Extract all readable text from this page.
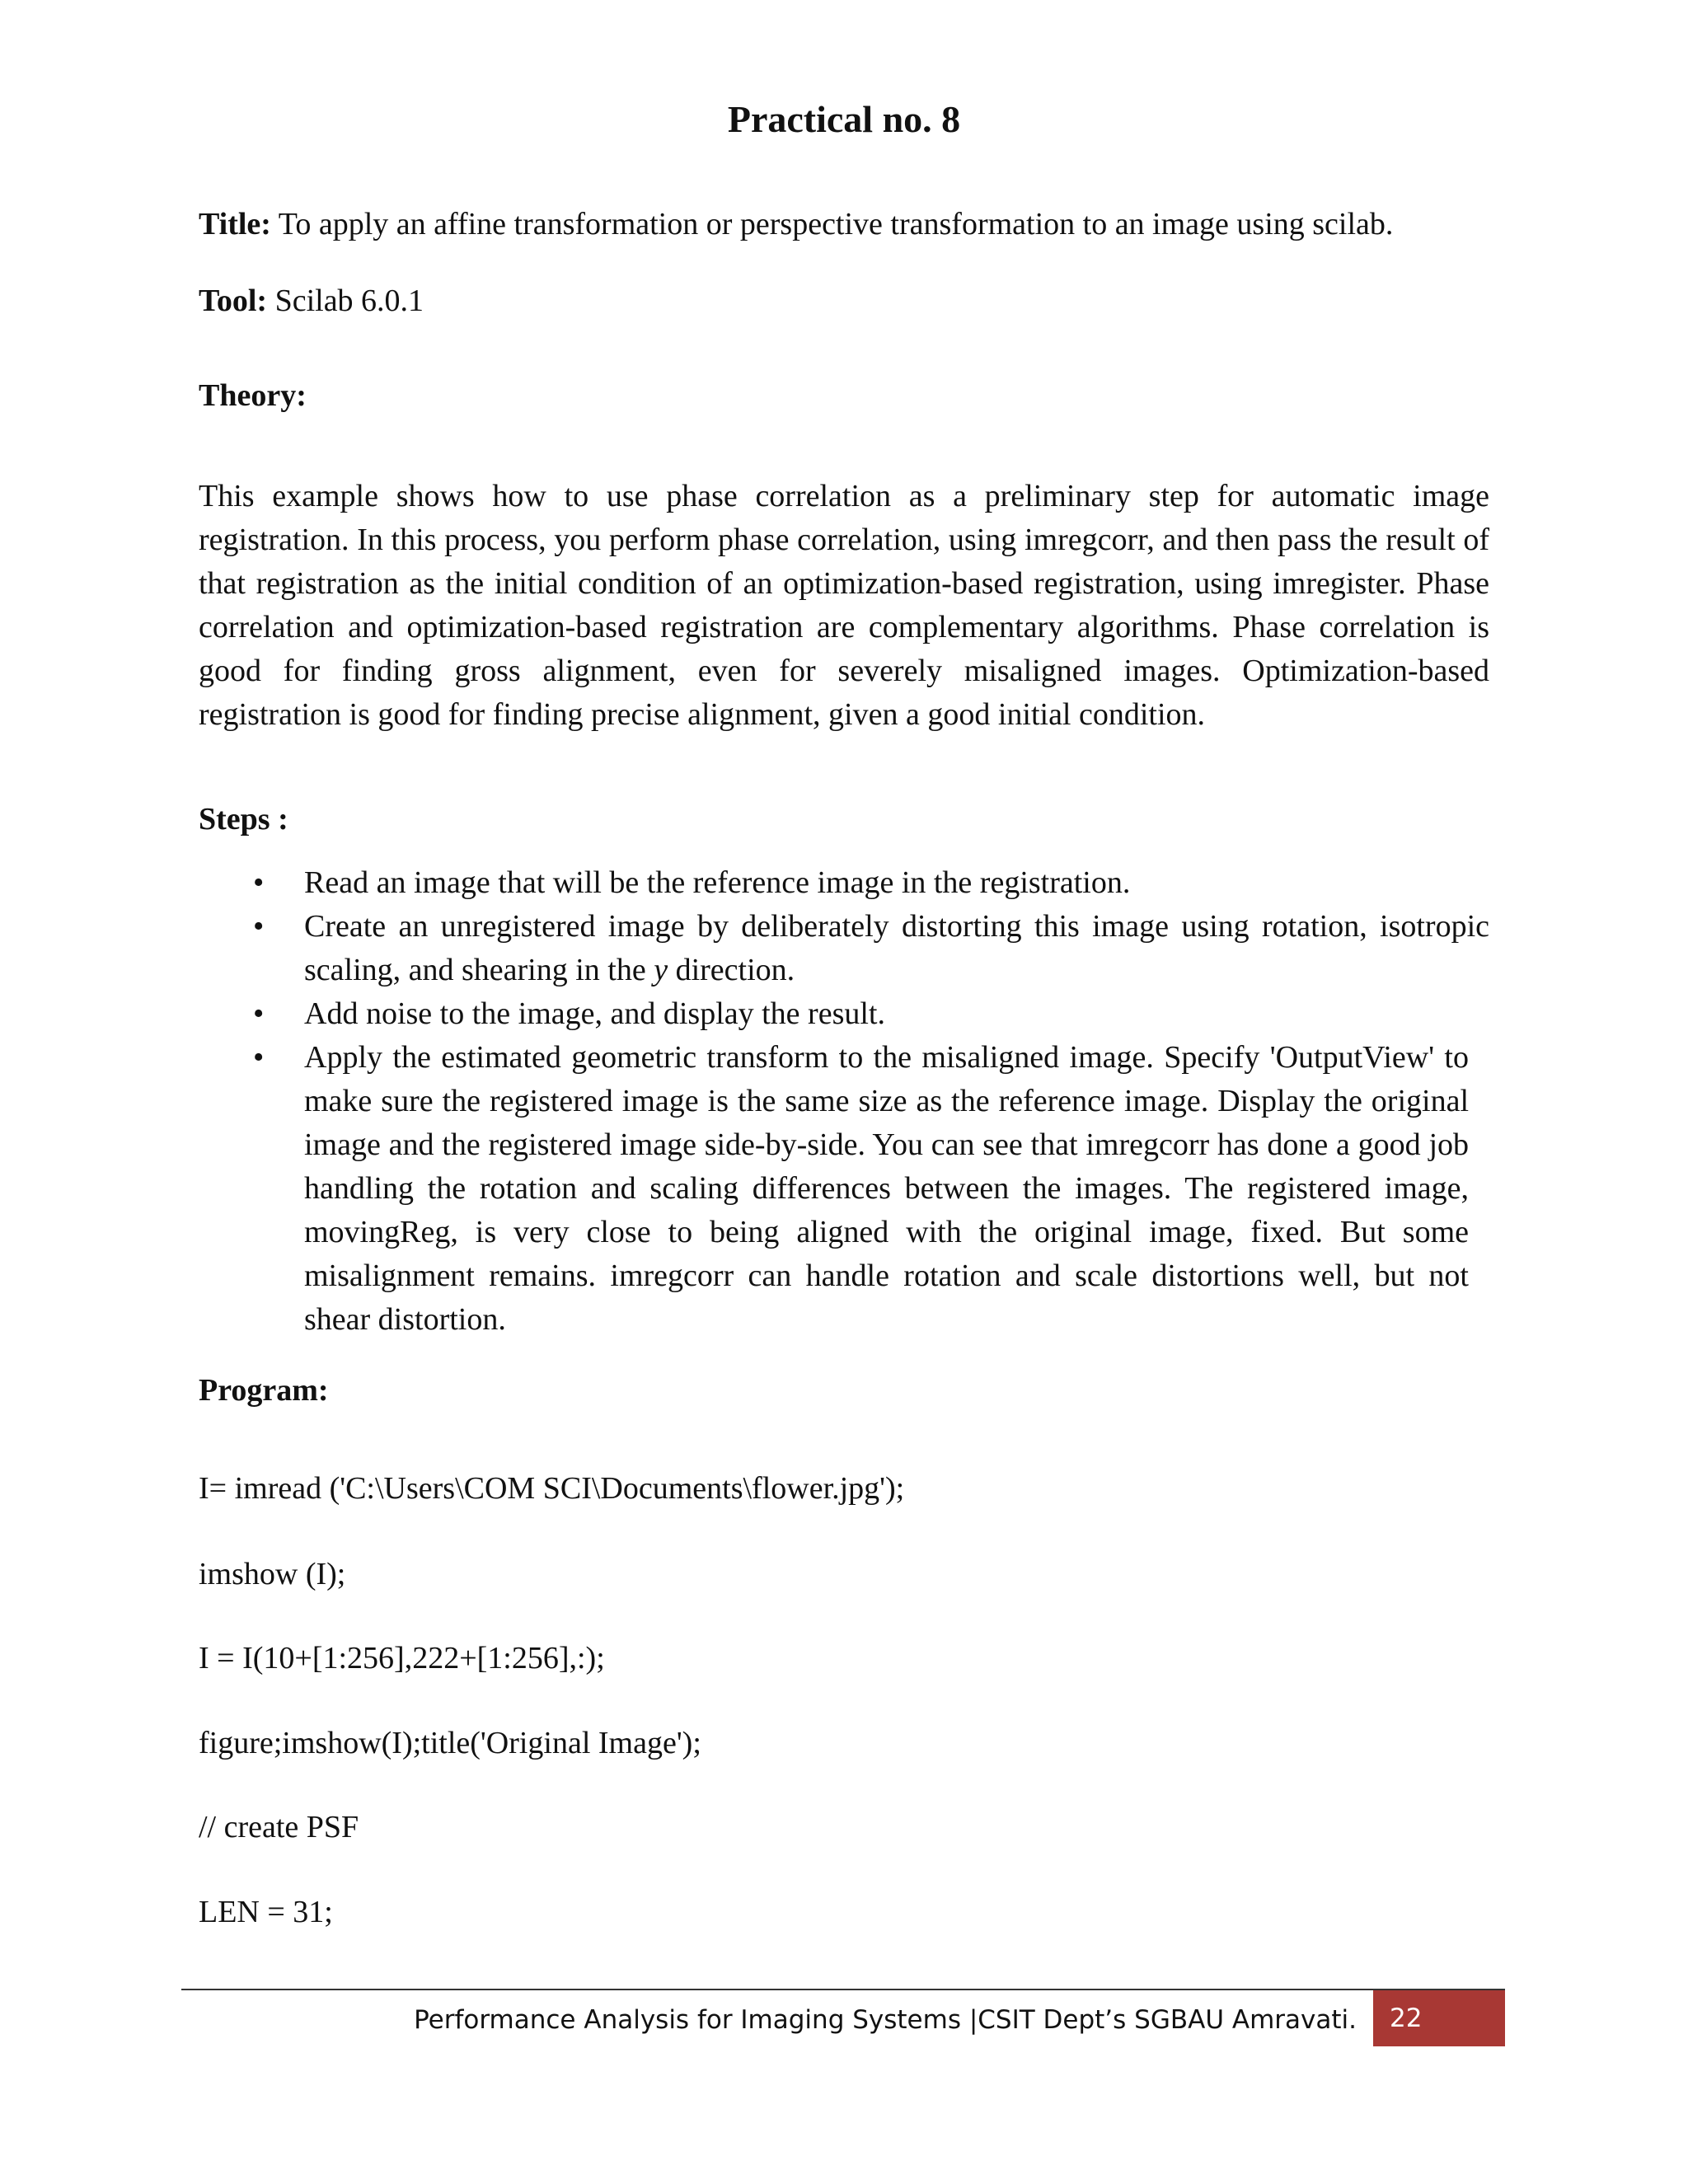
Practical no. 8

Title: To apply an affine transformation or perspective transformation to an image using scilab.

Tool: Scilab 6.0.1

Theory:

This example shows how to use phase correlation as a preliminary step for automatic image registration. In this process, you perform phase correlation, using imregcorr, and then pass the result of that registration as the initial condition of an optimization-based registration, using imregister. Phase correlation and optimization-based registration are complementary algorithms. Phase correlation is good for finding gross alignment, even for severely misaligned images. Optimization-based registration is good for finding precise alignment, given a good initial condition.

Steps :

• Read an image that will be the reference image in the registration.
• Create an unregistered image by deliberately distorting this image using rotation, isotropic scaling, and shearing in the y direction.
• Add noise to the image, and display the result.
• Apply the estimated geometric transform to the misaligned image. Specify 'OutputView' to make sure the registered image is the same size as the reference image. Display the original image and the registered image side-by-side. You can see that imregcorr has done a good job handling the rotation and scaling differences between the images. The registered image, movingReg, is very close to being aligned with the original image, fixed. But some misalignment remains. imregcorr can handle rotation and scale distortions well, but not shear distortion.

Program:

I= imread ('C:\Users\COM SCI\Documents\flower.jpg');

imshow (I);

I = I(10+[1:256],222+[1:256],:);

figure;imshow(I);title('Original Image');

// create PSF

LEN = 31;

Performance Analysis for Imaging Systems |CSIT Dept’s SGBAU Amravati.	22
